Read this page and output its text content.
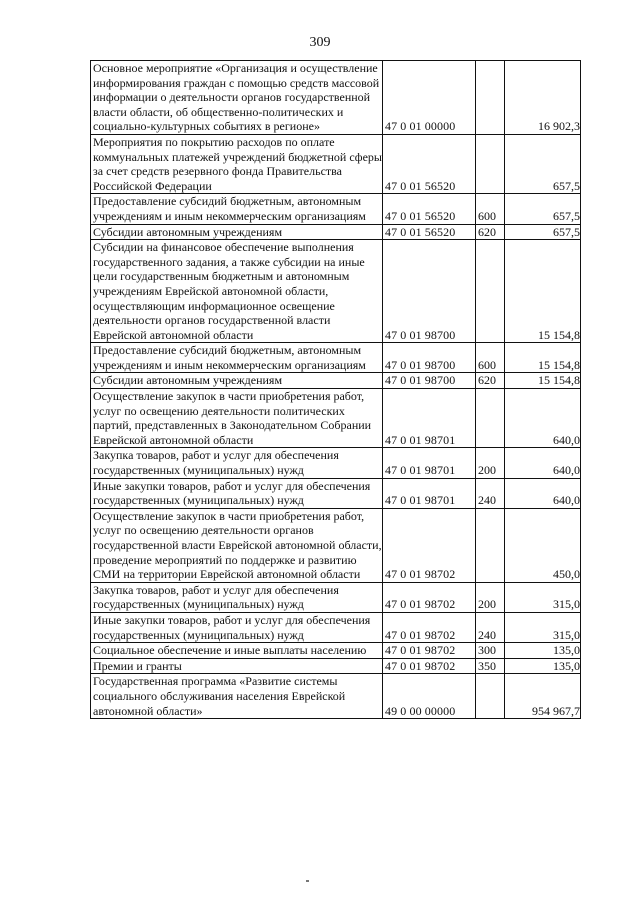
309
Основное мероприятие «Организация и осуществление информирования граждан с помощью средств массовой информации о деятельности органов государственной власти области, об общественно-политических и социально-культурных событиях в регионе»	47 0 01 00000		16 902,3
Мероприятия по покрытию расходов по оплате коммунальных платежей учреждений бюджетной сферы за счет средств резервного фонда Правительства Российской Федерации	47 0 01 56520		657,5
Предоставление субсидий бюджетным, автономным учреждениям и иным некоммерческим организациям	47 0 01 56520	600	657,5
Субсидии автономным учреждениям	47 0 01 56520	620	657,5
Субсидии на финансовое обеспечение выполнения государственного задания, а также субсидии на иные цели государственным бюджетным и автономным учреждениям Еврейской автономной области, осуществляющим информационное освещение деятельности органов государственной власти Еврейской автономной области	47 0 01 98700		15 154,8
Предоставление субсидий бюджетным, автономным учреждениям и иным некоммерческим организациям	47 0 01 98700	600	15 154,8
Субсидии автономным учреждениям	47 0 01 98700	620	15 154,8
Осуществление закупок в части приобретения работ, услуг по освещению деятельности политических партий, представленных в Законодательном Собрании Еврейской автономной области	47 0 01 98701		640,0
Закупка товаров, работ и услуг для обеспечения государственных (муниципальных) нужд	47 0 01 98701	200	640,0
Иные закупки товаров, работ и услуг для обеспечения государственных (муниципальных) нужд	47 0 01 98701	240	640,0
Осуществление закупок в части приобретения работ, услуг по освещению деятельности органов государственной власти Еврейской автономной области, проведение мероприятий по поддержке и развитию СМИ на территории Еврейской автономной области	47 0 01 98702		450,0
Закупка товаров, работ и услуг для обеспечения государственных (муниципальных) нужд	47 0 01 98702	200	315,0
Иные закупки товаров, работ и услуг для обеспечения государственных (муниципальных) нужд	47 0 01 98702	240	315,0
Социальное обеспечение и иные выплаты населению	47 0 01 98702	300	135,0
Премии и гранты	47 0 01 98702	350	135,0
Государственная программа «Развитие системы социального обслуживания населения Еврейской автономной области»	49 0 00 00000		954 967,7
